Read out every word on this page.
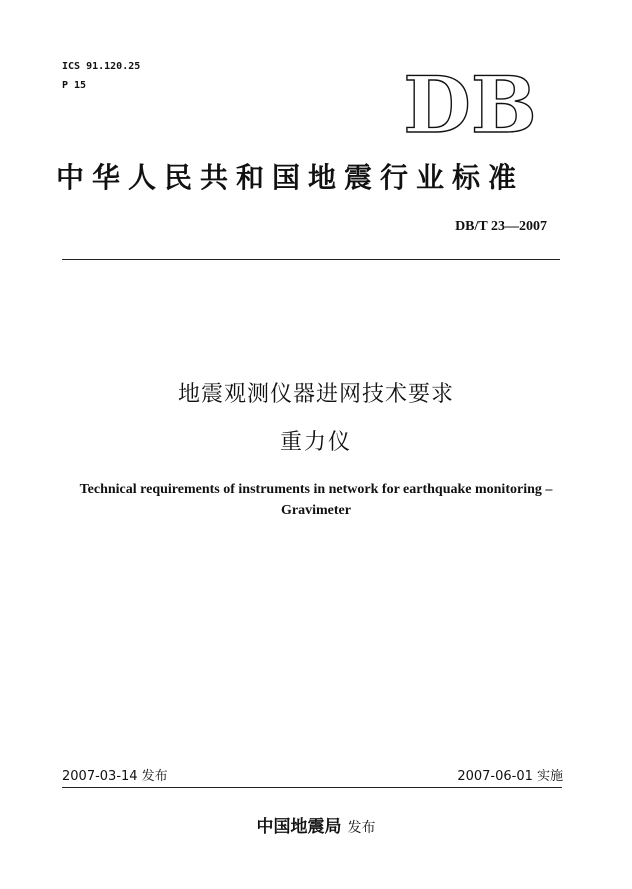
ICS 91.120.25
P 15	DB
中华人民共和国地震行业标准
DB/T 23—2007
地震观测仪器进网技术要求
重力仪
Technical requirements of instruments in network for earthquake monitoring –
Gravimeter
2007-03-14 发布	2007-06-01 实施
中国地震局 发布
